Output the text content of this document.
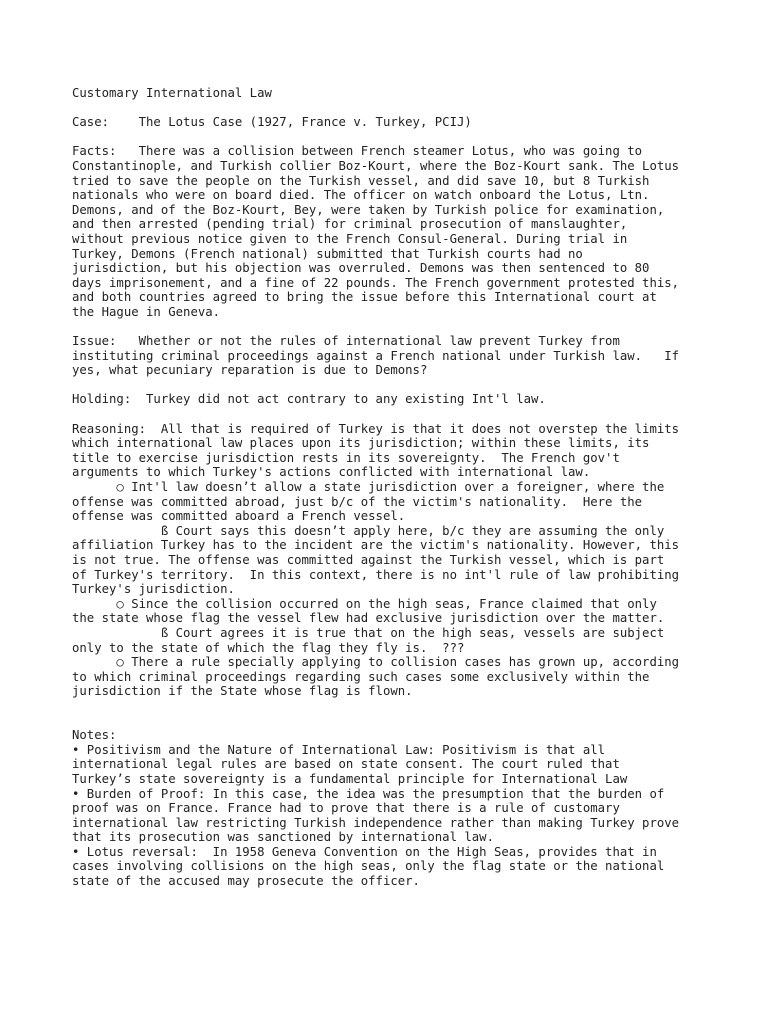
Customary International Law
Case:    The Lotus Case (1927, France v. Turkey, PCIJ)
Facts:   There was a collision between French steamer Lotus, who was going to
Constantinople, and Turkish collier Boz-Kourt, where the Boz-Kourt sank. The Lotus
tried to save the people on the Turkish vessel, and did save 10, but 8 Turkish
nationals who were on board died. The officer on watch onboard the Lotus, Ltn.
Demons, and of the Boz-Kourt, Bey, were taken by Turkish police for examination,
and then arrested (pending trial) for criminal prosecution of manslaughter,
without previous notice given to the French Consul-General. During trial in
Turkey, Demons (French national) submitted that Turkish courts had no
jurisdiction, but his objection was overruled. Demons was then sentenced to 80
days imprisonement, and a fine of 22 pounds. The French government protested this,
and both countries agreed to bring the issue before this International court at
the Hague in Geneva.
Issue:   Whether or not the rules of international law prevent Turkey from
instituting criminal proceedings against a French national under Turkish law.   If
yes, what pecuniary reparation is due to Demons?
Holding:  Turkey did not act contrary to any existing Int'l law.
Reasoning:  All that is required of Turkey is that it does not overstep the limits
which international law places upon its jurisdiction; within these limits, its
title to exercise jurisdiction rests in its sovereignty.  The French gov't
arguments to which Turkey's actions conflicted with international law.
○ Int'l law doesn’t allow a state jurisdiction over a foreigner, where the
offense was committed abroad, just b/c of the victim's nationality.  Here the
offense was committed aboard a French vessel.
ß Court says this doesn’t apply here, b/c they are assuming the only
affiliation Turkey has to the incident are the victim's nationality. However, this
is not true. The offense was committed against the Turkish vessel, which is part
of Turkey's territory.  In this context, there is no int'l rule of law prohibiting
Turkey's jurisdiction.
○ Since the collision occurred on the high seas, France claimed that only
the state whose flag the vessel flew had exclusive jurisdiction over the matter.
ß Court agrees it is true that on the high seas, vessels are subject
only to the state of which the flag they fly is.  ???
○ There a rule specially applying to collision cases has grown up, according
to which criminal proceedings regarding such cases some exclusively within the
jurisdiction if the State whose flag is flown.
Notes:
• Positivism and the Nature of International Law: Positivism is that all
international legal rules are based on state consent. The court ruled that
Turkey’s state sovereignty is a fundamental principle for International Law
• Burden of Proof: In this case, the idea was the presumption that the burden of
proof was on France. France had to prove that there is a rule of customary
international law restricting Turkish independence rather than making Turkey prove
that its prosecution was sanctioned by international law.
• Lotus reversal:  In 1958 Geneva Convention on the High Seas, provides that in
cases involving collisions on the high seas, only the flag state or the national
state of the accused may prosecute the officer.
